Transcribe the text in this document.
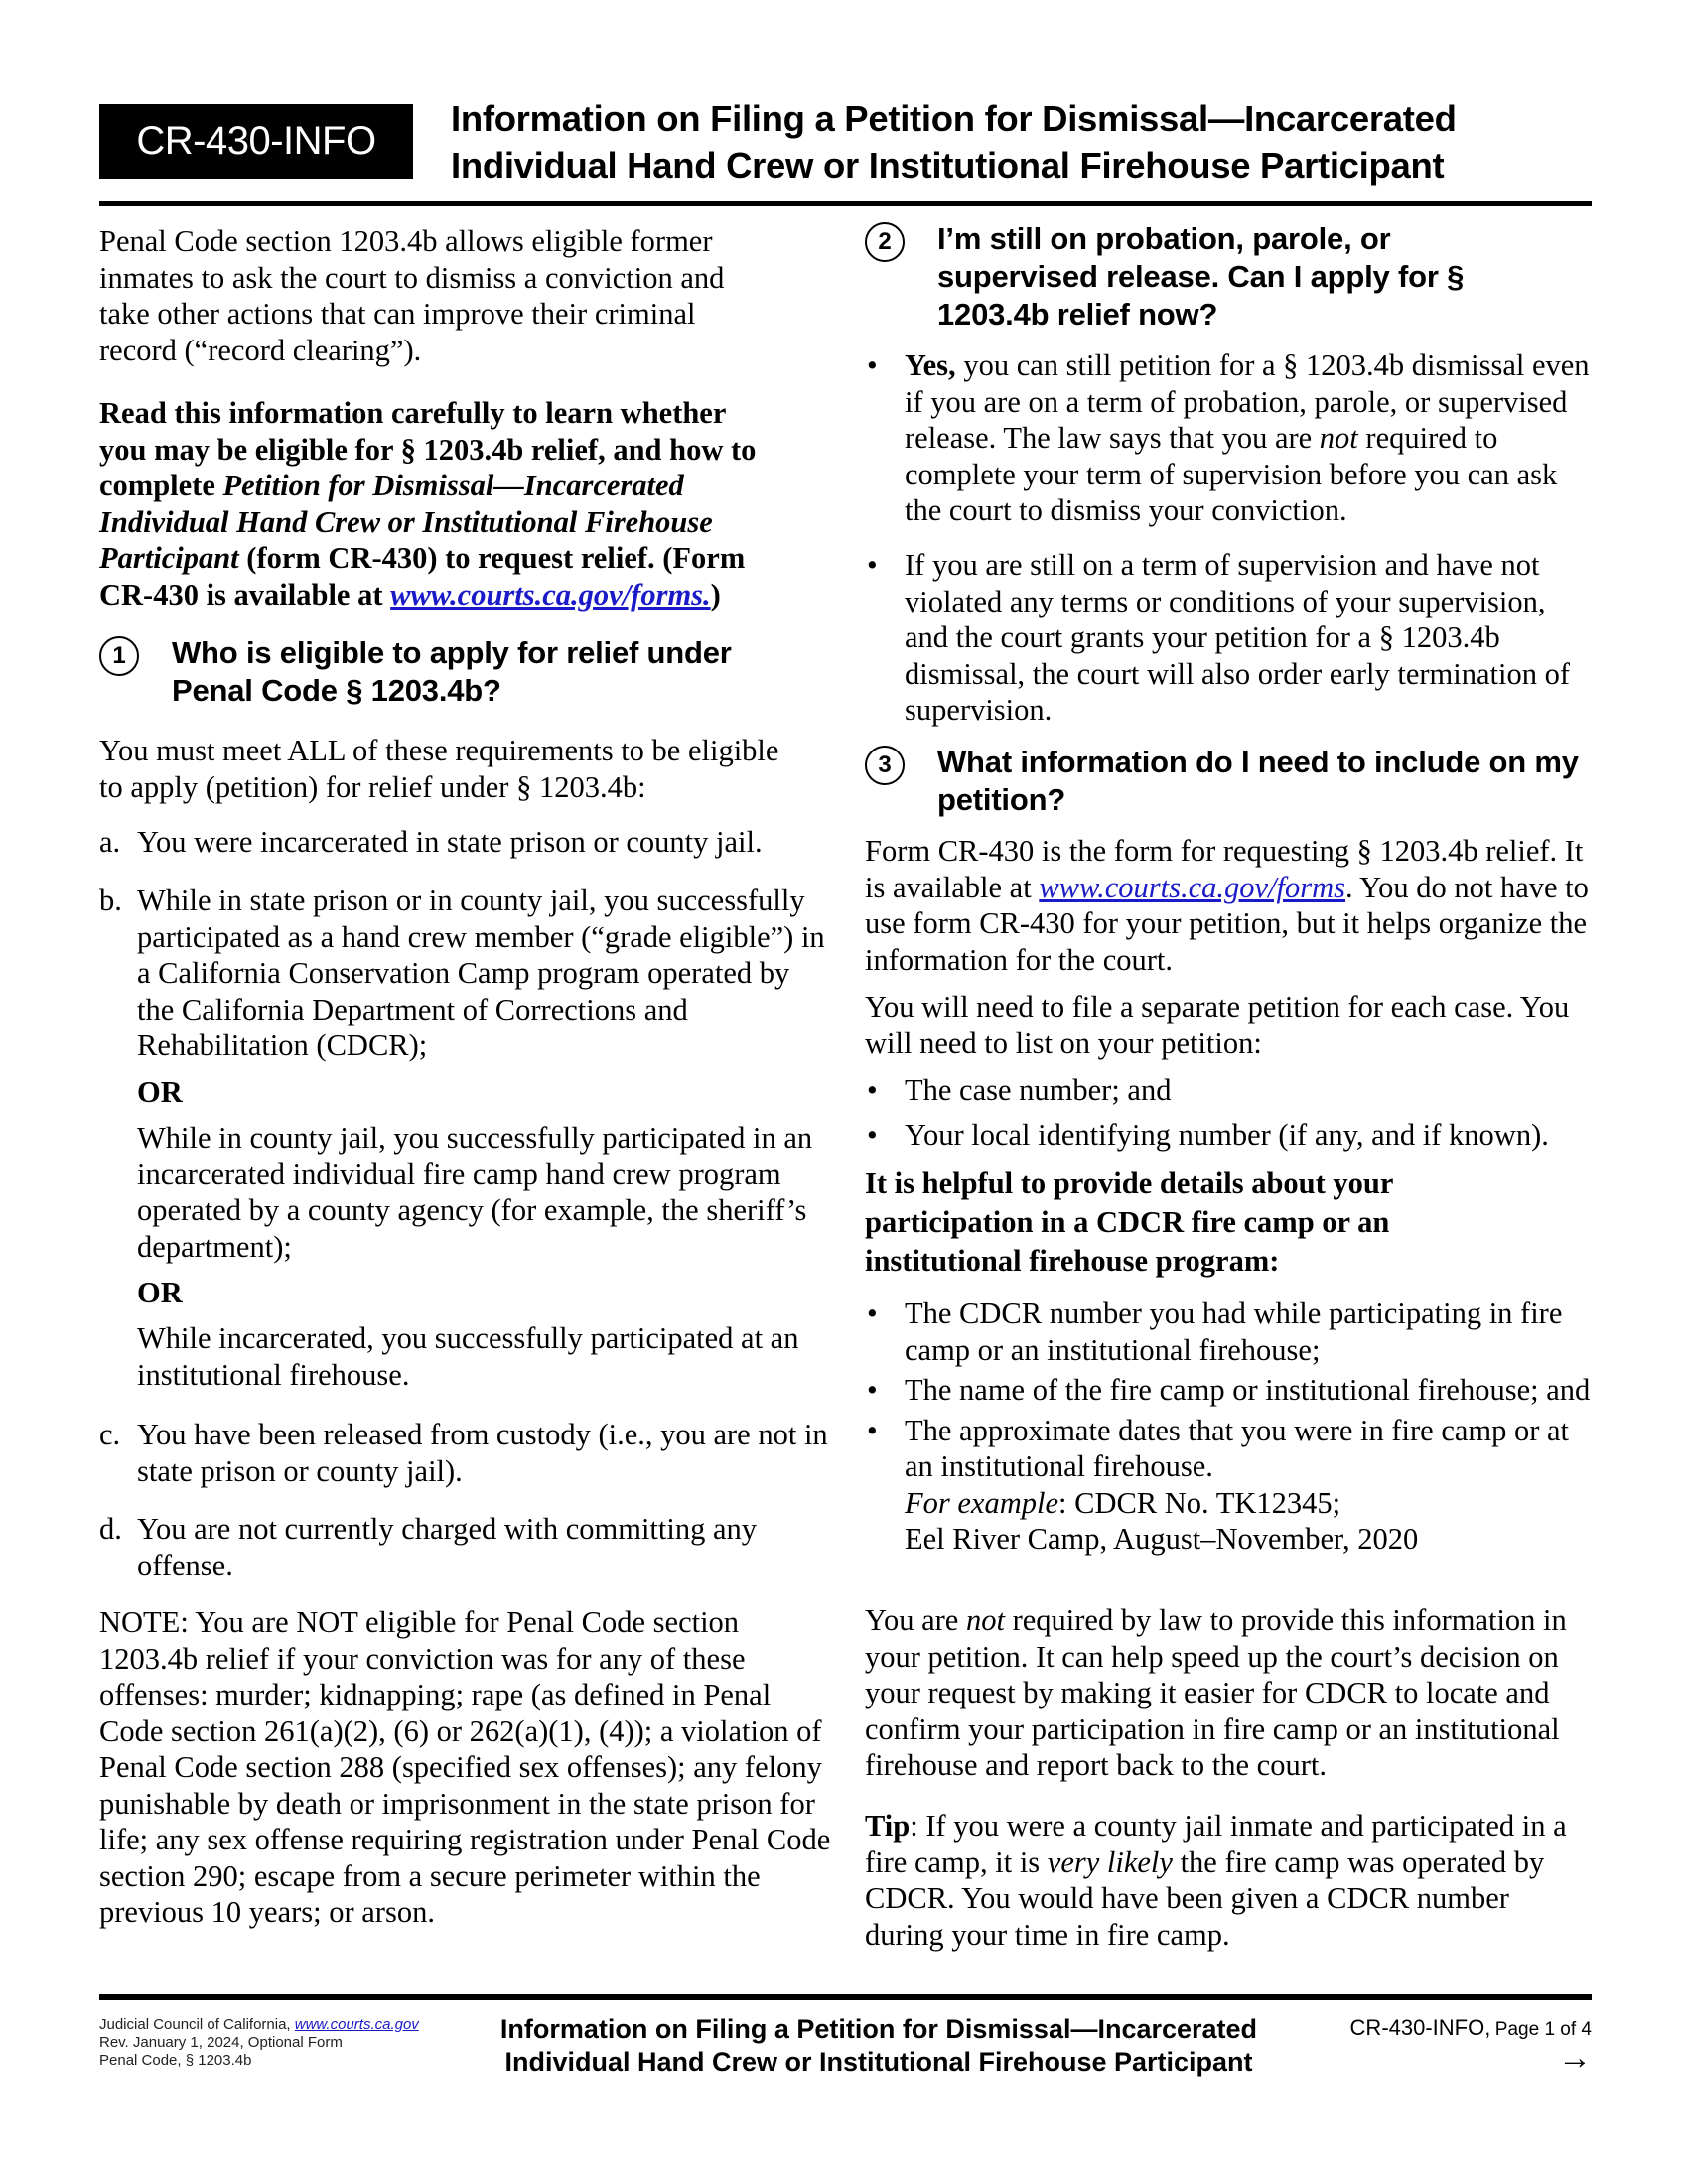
CR-430-INFO
Information on Filing a Petition for Dismissal—Incarcerated
Individual Hand Crew or Institutional Firehouse Participant

Penal Code section 1203.4b allows eligible former inmates to ask the court to dismiss a conviction and take other actions that can improve their criminal record (“record clearing”).

Read this information carefully to learn whether you may be eligible for § 1203.4b relief, and how to complete Petition for Dismissal—Incarcerated Individual Hand Crew or Institutional Firehouse Participant (form CR-430) to request relief. (Form CR-430 is available at www.courts.ca.gov/forms.)

1	Who is eligible to apply for relief under Penal Code § 1203.4b?

You must meet ALL of these requirements to be eligible to apply (petition) for relief under § 1203.4b:

a. You were incarcerated in state prison or county jail.
b. While in state prison or in county jail, you successfully participated as a hand crew member (“grade eligible”) in a California Conservation Camp program operated by the California Department of Corrections and Rehabilitation (CDCR);
OR
While in county jail, you successfully participated in an incarcerated individual fire camp hand crew program operated by a county agency (for example, the sheriff’s department);
OR
While incarcerated, you successfully participated at an institutional firehouse.
c. You have been released from custody (i.e., you are not in state prison or county jail).
d. You are not currently charged with committing any offense.

NOTE: You are NOT eligible for Penal Code section 1203.4b relief if your conviction was for any of these offenses: murder; kidnapping; rape (as defined in Penal Code section 261(a)(2), (6) or 262(a)(1), (4)); a violation of Penal Code section 288 (specified sex offenses); any felony punishable by death or imprisonment in the state prison for life; any sex offense requiring registration under Penal Code section 290; escape from a secure perimeter within the previous 10 years; or arson.

2	I’m still on probation, parole, or supervised release. Can I apply for § 1203.4b relief now?
• Yes, you can still petition for a § 1203.4b dismissal even if you are on a term of probation, parole, or supervised release. The law says that you are not required to complete your term of supervision before you can ask the court to dismiss your conviction.
• If you are still on a term of supervision and have not violated any terms or conditions of your supervision, and the court grants your petition for a § 1203.4b dismissal, the court will also order early termination of supervision.
3	What information do I need to include on my petition?

Form CR-430 is the form for requesting § 1203.4b relief. It is available at www.courts.ca.gov/forms. You do not have to use form CR-430 for your petition, but it helps organize the information for the court.

You will need to file a separate petition for each case. You will need to list on your petition:

• The case number; and
• Your local identifying number (if any, and if known).

It is helpful to provide details about your participation in a CDCR fire camp or an institutional firehouse program:

• The CDCR number you had while participating in fire camp or an institutional firehouse;
• The name of the fire camp or institutional firehouse; and
• The approximate dates that you were in fire camp or at an institutional firehouse.
For example: CDCR No. TK12345;
Eel River Camp, August–November, 2020

You are not required by law to provide this information in your petition. It can help speed up the court’s decision on your request by making it easier for CDCR to locate and confirm your participation in fire camp or an institutional firehouse and report back to the court.

Tip: If you were a county jail inmate and participated in a fire camp, it is very likely the fire camp was operated by CDCR. You would have been given a CDCR number during your time in fire camp.

Judicial Council of California, www.courts.ca.gov
Rev. January 1, 2024, Optional Form
Penal Code, § 1203.4b
Information on Filing a Petition for Dismissal—Incarcerated
Individual Hand Crew or Institutional Firehouse Participant
CR-430-INFO, Page 1 of 4
→
